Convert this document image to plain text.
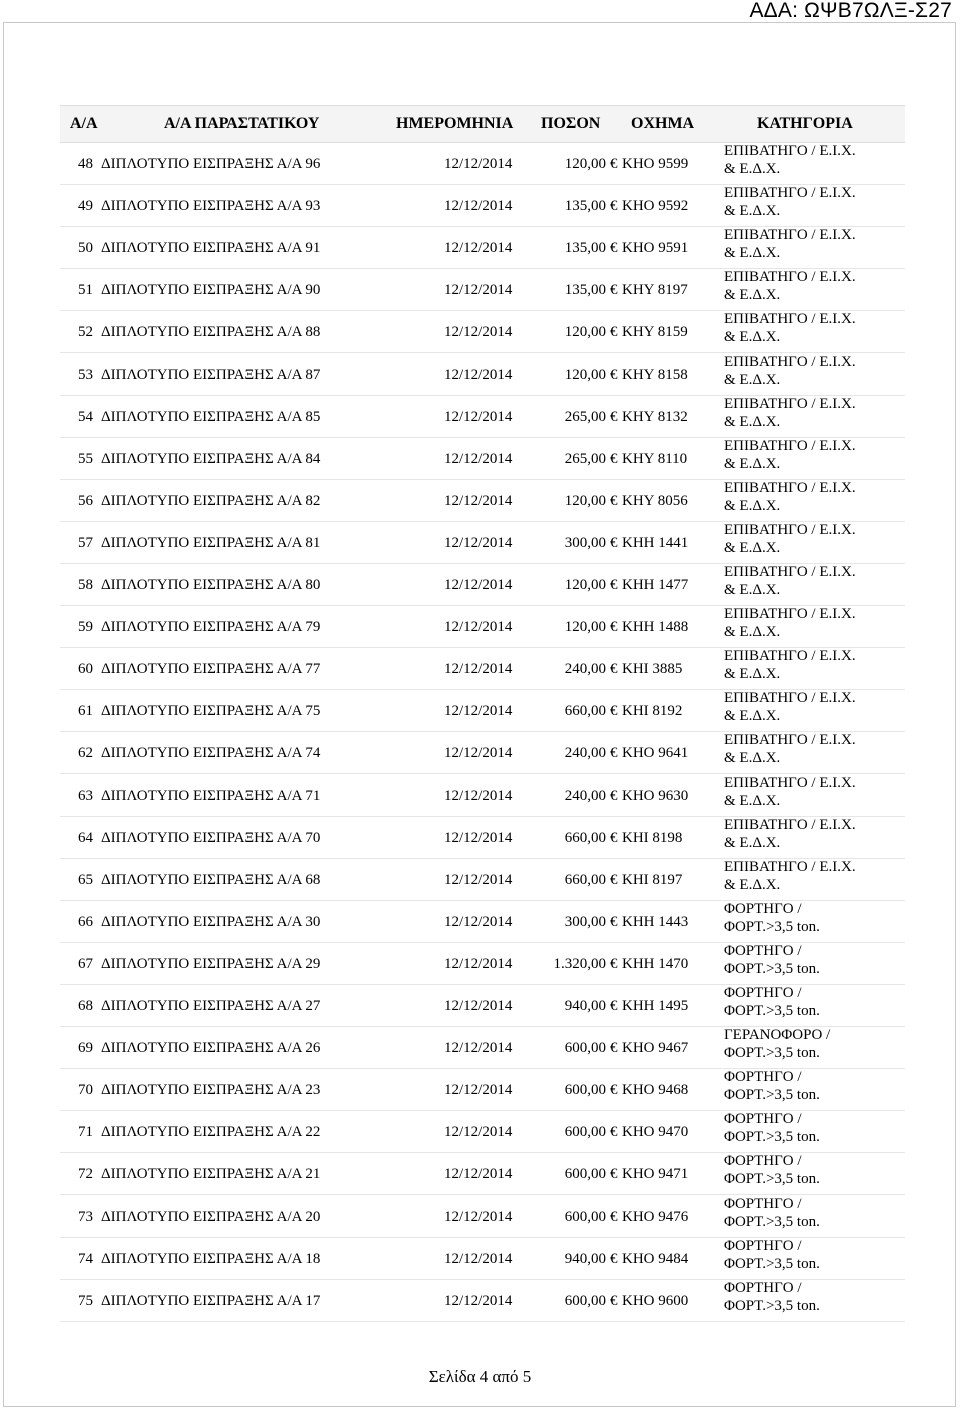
ΑΔΑ: ΩΨΒ7ΩΛΞ-Σ27
Α/Α	Α/Α ΠΑΡΑΣΤΑΤΙΚΟΥ	ΗΜΕΡΟΜΗΝΙΑ ΠΟΣΟΝ ΟΧΗΜΑ	ΚΑΤΗΓΟΡΙΑ
48 ΔΙΠΛΟΤΥΠΟ ΕΙΣΠΡΑΞΗΣ Α/Α 96	12/12/2014	120,00 € ΚΗΟ 9599
ΕΠΙΒΑΤΗΓΟ / Ε.Ι.Χ.
& Ε.Δ.Χ.
49 ΔΙΠΛΟΤΥΠΟ ΕΙΣΠΡΑΞΗΣ Α/Α 93	12/12/2014	135,00 € ΚΗΟ 9592
ΕΠΙΒΑΤΗΓΟ / Ε.Ι.Χ.
& Ε.Δ.Χ.
50 ΔΙΠΛΟΤΥΠΟ ΕΙΣΠΡΑΞΗΣ Α/Α 91	12/12/2014	135,00 € ΚΗΟ 9591
ΕΠΙΒΑΤΗΓΟ / Ε.Ι.Χ.
& Ε.Δ.Χ.
51 ΔΙΠΛΟΤΥΠΟ ΕΙΣΠΡΑΞΗΣ Α/Α 90	12/12/2014	135,00 € ΚΗΥ 8197
ΕΠΙΒΑΤΗΓΟ / Ε.Ι.Χ.
& Ε.Δ.Χ.
52 ΔΙΠΛΟΤΥΠΟ ΕΙΣΠΡΑΞΗΣ Α/Α 88	12/12/2014	120,00 € ΚΗΥ 8159
ΕΠΙΒΑΤΗΓΟ / Ε.Ι.Χ.
& Ε.Δ.Χ.
53 ΔΙΠΛΟΤΥΠΟ ΕΙΣΠΡΑΞΗΣ Α/Α 87	12/12/2014	120,00 € ΚΗΥ 8158
ΕΠΙΒΑΤΗΓΟ / Ε.Ι.Χ.
& Ε.Δ.Χ.
54 ΔΙΠΛΟΤΥΠΟ ΕΙΣΠΡΑΞΗΣ Α/Α 85	12/12/2014	265,00 € ΚΗΥ 8132
ΕΠΙΒΑΤΗΓΟ / Ε.Ι.Χ.
& Ε.Δ.Χ.
55 ΔΙΠΛΟΤΥΠΟ ΕΙΣΠΡΑΞΗΣ Α/Α 84	12/12/2014	265,00 € ΚΗΥ 8110
ΕΠΙΒΑΤΗΓΟ / Ε.Ι.Χ.
& Ε.Δ.Χ.
56 ΔΙΠΛΟΤΥΠΟ ΕΙΣΠΡΑΞΗΣ Α/Α 82	12/12/2014	120,00 € ΚΗΥ 8056
ΕΠΙΒΑΤΗΓΟ / Ε.Ι.Χ.
& Ε.Δ.Χ.
57 ΔΙΠΛΟΤΥΠΟ ΕΙΣΠΡΑΞΗΣ Α/Α 81	12/12/2014	300,00 € ΚΗΗ 1441
ΕΠΙΒΑΤΗΓΟ / Ε.Ι.Χ.
& Ε.Δ.Χ.
58 ΔΙΠΛΟΤΥΠΟ ΕΙΣΠΡΑΞΗΣ Α/Α 80	12/12/2014	120,00 € ΚΗΗ 1477
ΕΠΙΒΑΤΗΓΟ / Ε.Ι.Χ.
& Ε.Δ.Χ.
59 ΔΙΠΛΟΤΥΠΟ ΕΙΣΠΡΑΞΗΣ Α/Α 79	12/12/2014	120,00 € ΚΗΗ 1488
ΕΠΙΒΑΤΗΓΟ / Ε.Ι.Χ.
& Ε.Δ.Χ.
60 ΔΙΠΛΟΤΥΠΟ ΕΙΣΠΡΑΞΗΣ Α/Α 77	12/12/2014	240,00 € ΚΗΙ 3885
ΕΠΙΒΑΤΗΓΟ / Ε.Ι.Χ.
& Ε.Δ.Χ.
61 ΔΙΠΛΟΤΥΠΟ ΕΙΣΠΡΑΞΗΣ Α/Α 75	12/12/2014	660,00 € ΚΗΙ 8192
ΕΠΙΒΑΤΗΓΟ / Ε.Ι.Χ.
& Ε.Δ.Χ.
62 ΔΙΠΛΟΤΥΠΟ ΕΙΣΠΡΑΞΗΣ Α/Α 74	12/12/2014	240,00 € ΚΗΟ 9641
ΕΠΙΒΑΤΗΓΟ / Ε.Ι.Χ.
& Ε.Δ.Χ.
63 ΔΙΠΛΟΤΥΠΟ ΕΙΣΠΡΑΞΗΣ Α/Α 71	12/12/2014	240,00 € ΚΗΟ 9630
ΕΠΙΒΑΤΗΓΟ / Ε.Ι.Χ.
& Ε.Δ.Χ.
64 ΔΙΠΛΟΤΥΠΟ ΕΙΣΠΡΑΞΗΣ Α/Α 70	12/12/2014	660,00 € ΚΗΙ 8198
ΕΠΙΒΑΤΗΓΟ / Ε.Ι.Χ.
& Ε.Δ.Χ.
65 ΔΙΠΛΟΤΥΠΟ ΕΙΣΠΡΑΞΗΣ Α/Α 68	12/12/2014	660,00 € ΚΗΙ 8197
ΕΠΙΒΑΤΗΓΟ / Ε.Ι.Χ.
& Ε.Δ.Χ.
66 ΔΙΠΛΟΤΥΠΟ ΕΙΣΠΡΑΞΗΣ Α/Α 30	12/12/2014	300,00 € ΚΗΗ 1443
ΦΟΡΤΗΓΟ /
ΦΟΡΤ.>3,5 ton.
67 ΔΙΠΛΟΤΥΠΟ ΕΙΣΠΡΑΞΗΣ Α/Α 29	12/12/2014	1.320,00 € ΚΗΗ 1470
ΦΟΡΤΗΓΟ /
ΦΟΡΤ.>3,5 ton.
68 ΔΙΠΛΟΤΥΠΟ ΕΙΣΠΡΑΞΗΣ Α/Α 27	12/12/2014	940,00 € ΚΗΗ 1495
ΦΟΡΤΗΓΟ /
ΦΟΡΤ.>3,5 ton.
69 ΔΙΠΛΟΤΥΠΟ ΕΙΣΠΡΑΞΗΣ Α/Α 26	12/12/2014	600,00 € ΚΗΟ 9467
ΓΕΡΑΝΟΦΟΡΟ /
ΦΟΡΤ.>3,5 ton.
70 ΔΙΠΛΟΤΥΠΟ ΕΙΣΠΡΑΞΗΣ Α/Α 23	12/12/2014	600,00 € ΚΗΟ 9468
ΦΟΡΤΗΓΟ /
ΦΟΡΤ.>3,5 ton.
71 ΔΙΠΛΟΤΥΠΟ ΕΙΣΠΡΑΞΗΣ Α/Α 22	12/12/2014	600,00 € ΚΗΟ 9470
ΦΟΡΤΗΓΟ /
ΦΟΡΤ.>3,5 ton.
72 ΔΙΠΛΟΤΥΠΟ ΕΙΣΠΡΑΞΗΣ Α/Α 21	12/12/2014	600,00 € ΚΗΟ 9471
ΦΟΡΤΗΓΟ /
ΦΟΡΤ.>3,5 ton.
73 ΔΙΠΛΟΤΥΠΟ ΕΙΣΠΡΑΞΗΣ Α/Α 20	12/12/2014	600,00 € ΚΗΟ 9476
ΦΟΡΤΗΓΟ /
ΦΟΡΤ.>3,5 ton.
74 ΔΙΠΛΟΤΥΠΟ ΕΙΣΠΡΑΞΗΣ Α/Α 18	12/12/2014	940,00 € ΚΗΟ 9484
ΦΟΡΤΗΓΟ /
ΦΟΡΤ.>3,5 ton.
75 ΔΙΠΛΟΤΥΠΟ ΕΙΣΠΡΑΞΗΣ Α/Α 17	12/12/2014	600,00 € ΚΗΟ 9600
ΦΟΡΤΗΓΟ /
ΦΟΡΤ.>3,5 ton.
Σελίδα 4 από 5
